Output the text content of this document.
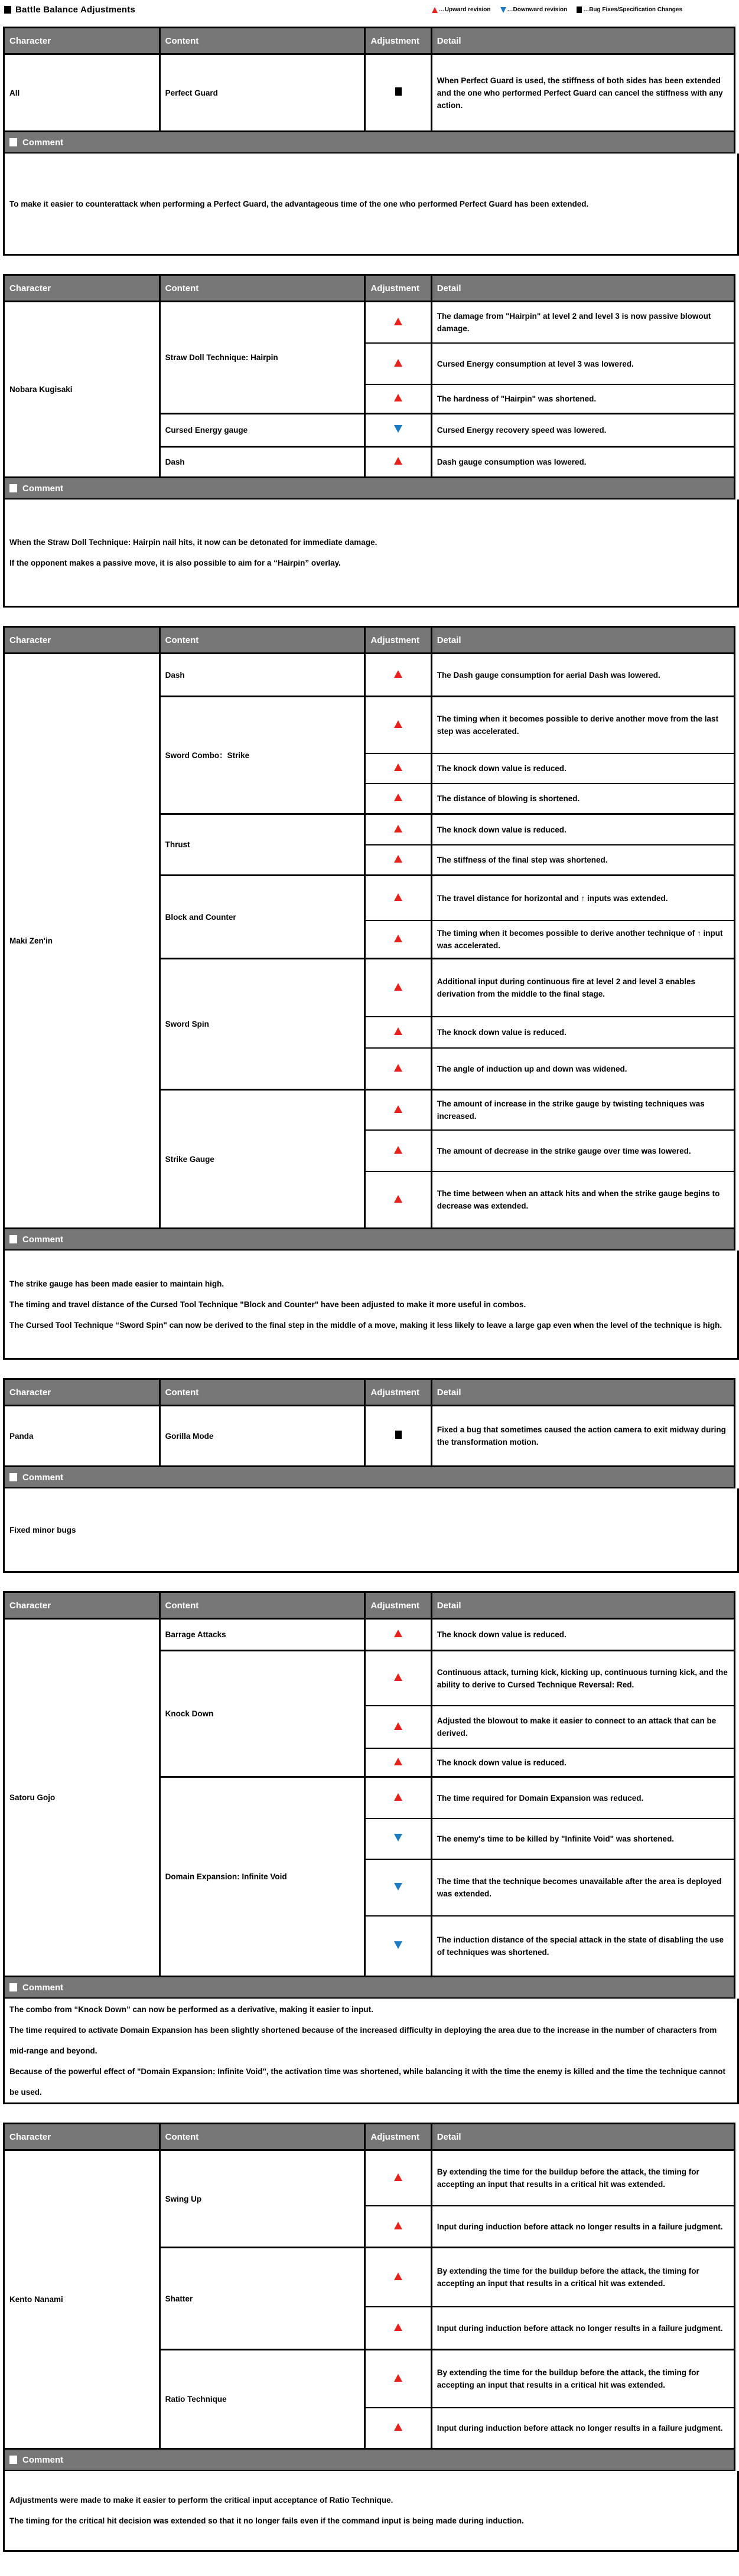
Battle Balance Adjustments	…Upward revision	…Downward revision	…Bug Fixes/Specification Changes
Character	Content	Adjustment	Detail
All	Perfect Guard		When Perfect Guard is used, the stiffness of both sides has been extended and the one who performed Perfect Guard can cancel the stiffness with any action.
Comment

To make it easier to counterattack when performing a Perfect Guard, the advantageous time of the one who performed Perfect Guard has been extended.

Character	Content	Adjustment	Detail
Nobara Kugisaki	Straw Doll Technique: Hairpin		The damage from "Hairpin" at level 2 and level 3 is now passive blowout damage.
			Cursed Energy consumption at level 3 was lowered.
			The hardness of "Hairpin" was shortened.
	Cursed Energy gauge		Cursed Energy recovery speed was lowered.
	Dash		Dash gauge consumption was lowered.
Comment

When the Straw Doll Technique: Hairpin nail hits, it now can be detonated for immediate damage.

If the opponent makes a passive move, it is also possible to aim for a “Hairpin” overlay.

Character	Content	Adjustment	Detail
Maki Zen'in	Dash		The Dash gauge consumption for aerial Dash was lowered.
	Sword Combo：Strike		The timing when it becomes possible to derive another move from the last step was accelerated.
			The knock down value is reduced.
			The distance of blowing is shortened.
	Thrust		The knock down value is reduced.
			The stiffness of the final step was shortened.
	Block and Counter		The travel distance for horizontal and ↑ inputs was extended.
			The timing when it becomes possible to derive another technique of ↑ input was accelerated.
	Sword Spin		Additional input during continuous fire at level 2 and level 3 enables derivation from the middle to the final stage.
			The knock down value is reduced.
			The angle of induction up and down was widened.
	Strike Gauge		The amount of increase in the strike gauge by twisting techniques was increased.
			The amount of decrease in the strike gauge over time was lowered.
			The time between when an attack hits and when the strike gauge begins to decrease was extended.
Comment

The strike gauge has been made easier to maintain high.

The timing and travel distance of the Cursed Tool Technique "Block and Counter" have been adjusted to make it more useful in combos.

The Cursed Tool Technique “Sword Spin" can now be derived to the final step in the middle of a move, making it less likely to leave a large gap even when the level of the technique is high.

Character	Content	Adjustment	Detail
Panda	Gorilla Mode		Fixed a bug that sometimes caused the action camera to exit midway during the transformation motion.
Comment

Fixed minor bugs

Character	Content	Adjustment	Detail
Satoru Gojo	Barrage Attacks		The knock down value is reduced.
	Knock Down		Continuous attack, turning kick, kicking up, continuous turning kick, and the ability to derive to Cursed Technique Reversal: Red.
			Adjusted the blowout to make it easier to connect to an attack that can be derived.
			The knock down value is reduced.
	Domain Expansion: Infinite Void		The time required for Domain Expansion was reduced.
			The enemy's time to be killed by "Infinite Void" was shortened.
			The time that the technique becomes unavailable after the area is deployed was extended.
			The induction distance of the special attack in the state of disabling the use of techniques was shortened.
Comment

The combo from “Knock Down” can now be performed as a derivative, making it easier to input.

The time required to activate Domain Expansion has been slightly shortened because of the increased difficulty in deploying the area due to the increase in the number of characters from mid-range and beyond.

Because of the powerful effect of "Domain Expansion: Infinite Void", the activation time was shortened, while balancing it with the time the enemy is killed and the time the technique cannot be used.

Character	Content	Adjustment	Detail
Kento Nanami	Swing Up		By extending the time for the buildup before the attack, the timing for accepting an input that results in a critical hit was extended.
			Input during induction before attack no longer results in a failure judgment.
	Shatter		By extending the time for the buildup before the attack, the timing for accepting an input that results in a critical hit was extended.
			Input during induction before attack no longer results in a failure judgment.
	Ratio Technique		By extending the time for the buildup before the attack, the timing for accepting an input that results in a critical hit was extended.
			Input during induction before attack no longer results in a failure judgment.
Comment

Adjustments were made to make it easier to perform the critical input acceptance of Ratio Technique.

The timing for the critical hit decision was extended so that it no longer fails even if the command input is being made during induction.
